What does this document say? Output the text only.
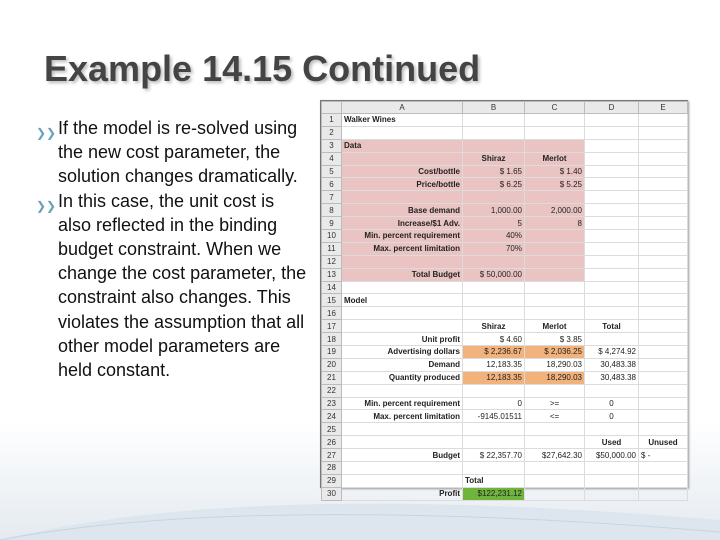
Example 14.15 Continued
❯❯ If the model is re-solved using the new cost parameter, the solution changes dramatically.
❯❯ In this case, the unit cost is also reflected in the binding budget constraint. When we change the cost parameter, the constraint also changes. This violates the assumption that all other model parameters are held constant.
	A	B	C	D	E
1	Walker Wines				
2					
3	Data				
4		Shiraz	Merlot		
5	Cost/bottle	$ 1.65	$ 1.40		
6	Price/bottle	$ 6.25	$ 5.25		
7					
8	Base demand	1,000.00	2,000.00		
9	Increase/$1 Adv.	5	8		
10	Min. percent requirement	40%			
11	Max. percent limitation	70%			
12					
13	Total Budget	$ 50,000.00			
14					
15	Model				
16					
17		Shiraz	Merlot	Total	
18	Unit profit	$ 4.60	$ 3.85		
19	Advertising dollars	$ 2,236.67	$ 2,036.25	$ 4,274.92	
20	Demand	12,183.35	18,290.03	30,483.38	
21	Quantity produced	12,183.35	18,290.03	30,483.38	
22					
23	Min. percent requirement	0	>=	0	
24	Max. percent limitation	-9145.01511	<=	0	
25					
26				Used	Unused
27	Budget	$ 22,357.70	$27,642.30	$50,000.00	$ -
28					
29		Total			
30	Profit	$122,231.12			
